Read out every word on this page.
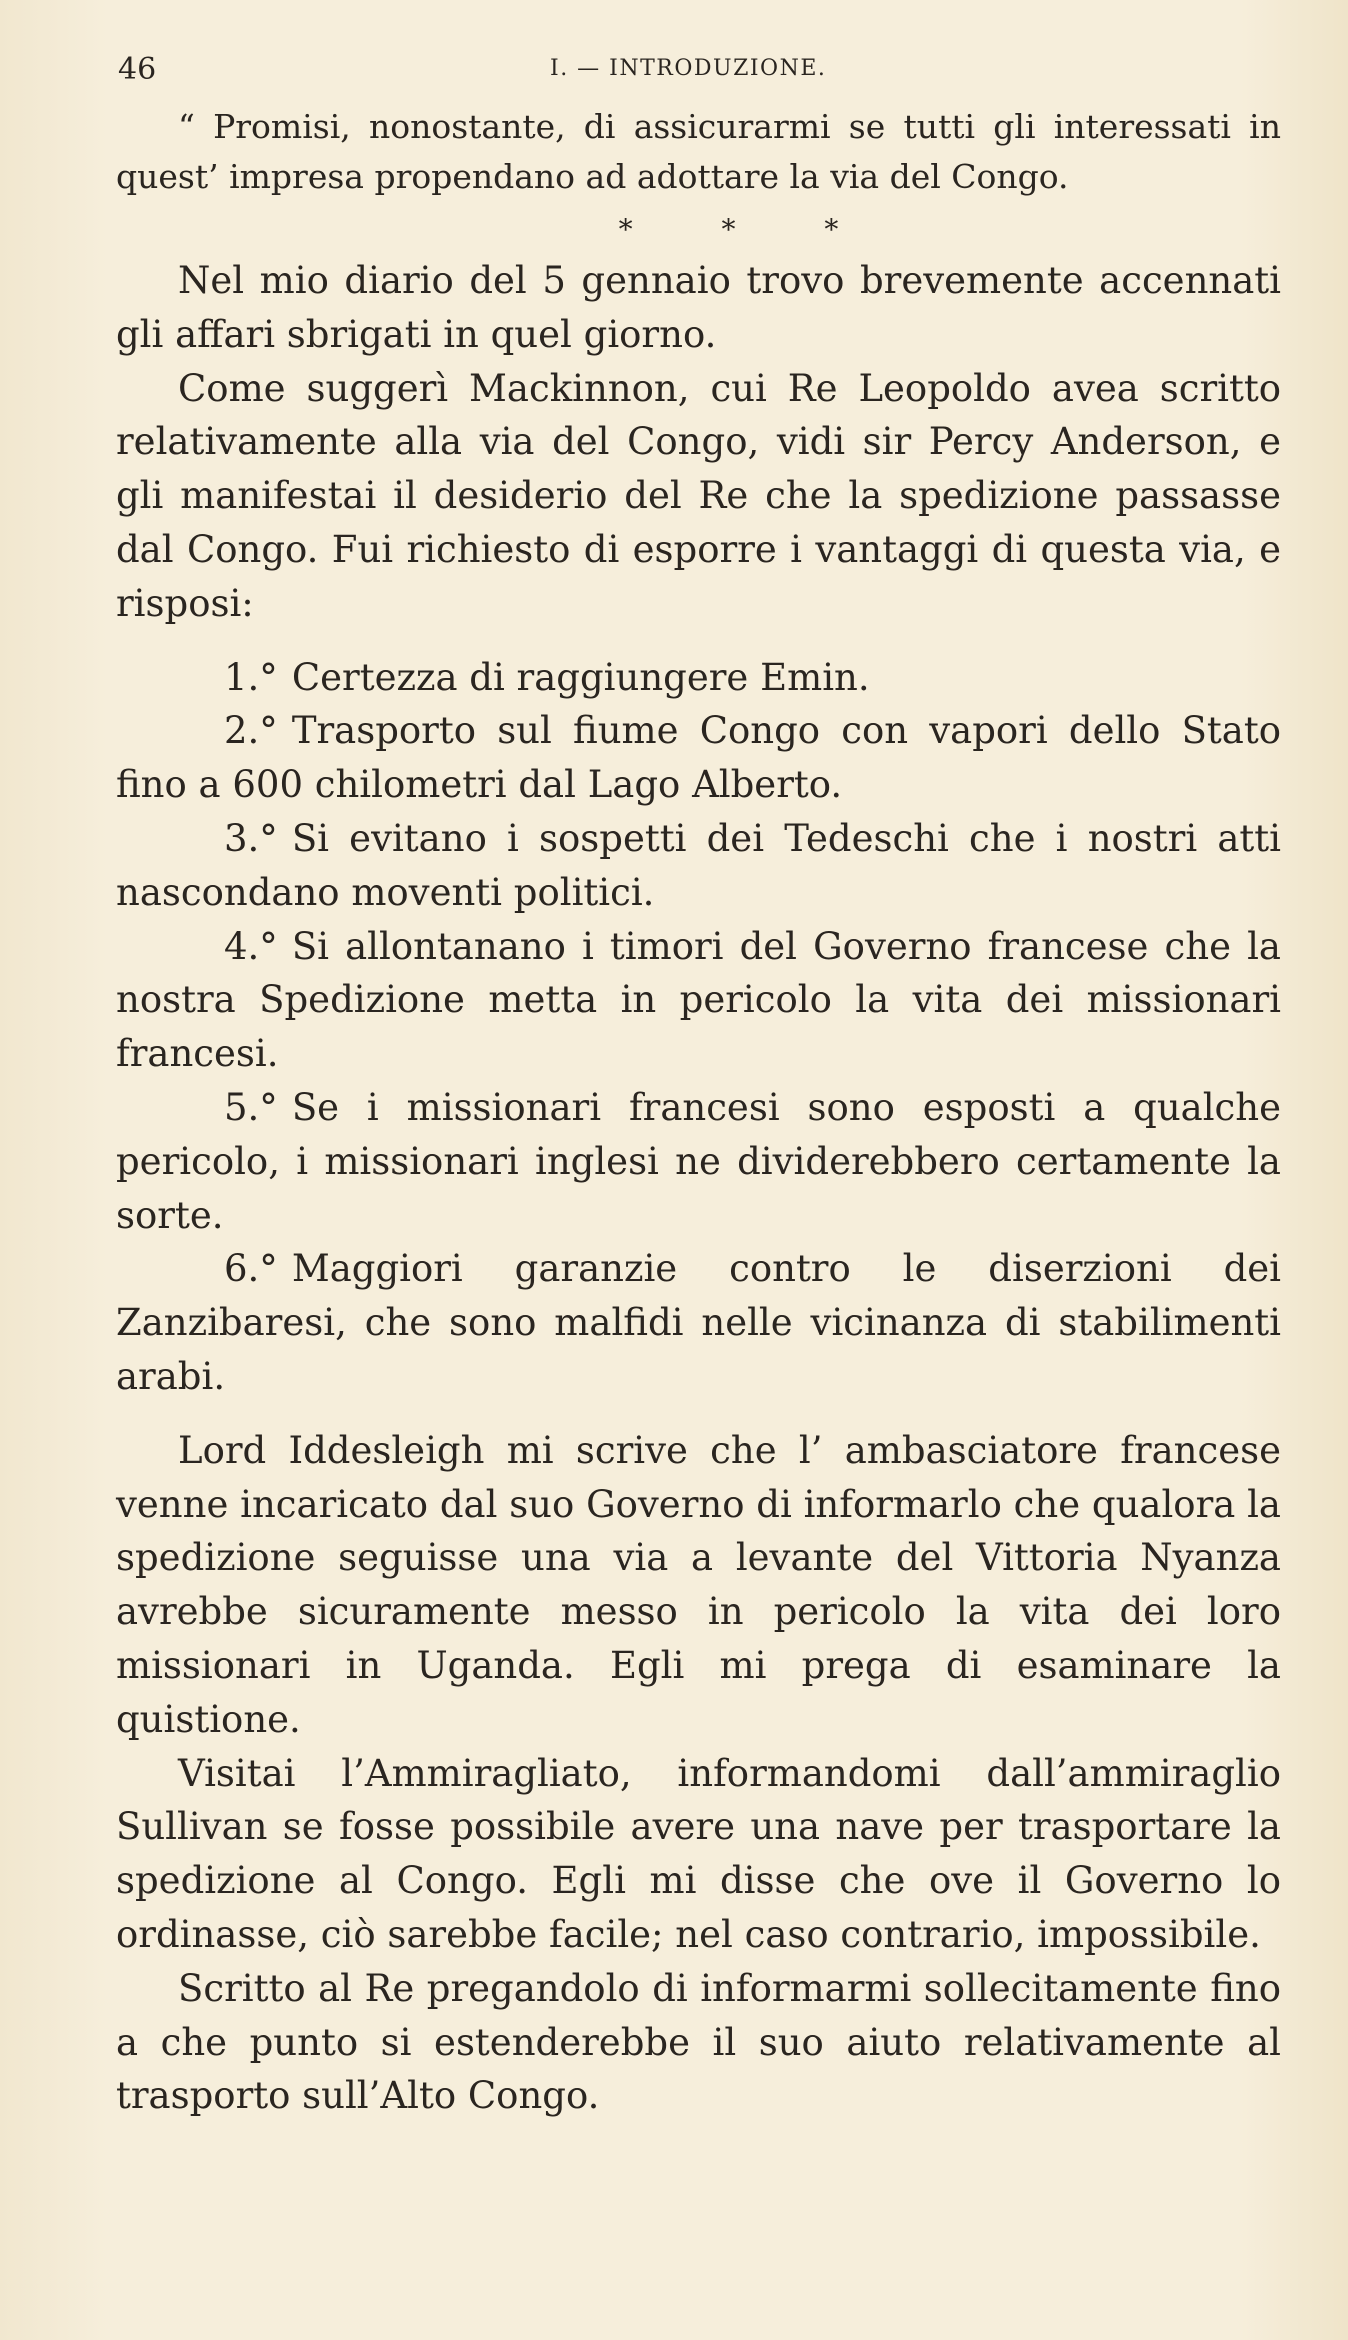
46	I. — INTRODUZIONE.

“ Promisi, nonostante, di assicurarmi se tutti gli interessati in quest’ impresa propendano ad adottare la via del Congo.

* * *

Nel mio diario del 5 gennaio trovo brevemente accennati gli affari sbrigati in quel giorno.

Come suggerì Mackinnon, cui Re Leopoldo avea scritto relativamente alla via del Congo, vidi sir Percy Anderson, e gli manifestai il desiderio del Re che la spedizione passasse dal Congo. Fui richiesto di esporre i vantaggi di questa via, e risposi:

1.° Certezza di raggiungere Emin.

2.° Trasporto sul fiume Congo con vapori dello Stato fino a 600 chilometri dal Lago Alberto.

3.° Si evitano i sospetti dei Tedeschi che i nostri atti nascondano moventi politici.

4.° Si allontanano i timori del Governo francese che la nostra Spedizione metta in pericolo la vita dei missionari francesi.

5.° Se i missionari francesi sono esposti a qualche pericolo, i missionari inglesi ne dividerebbero certamente la sorte.

6.° Maggiori garanzie contro le diserzioni dei Zanzibaresi, che sono malfidi nelle vicinanza di stabilimenti arabi.

Lord Iddesleigh mi scrive che l’ ambasciatore francese venne incaricato dal suo Governo di informarlo che qualora la spedizione seguisse una via a levante del Vittoria Nyanza avrebbe sicuramente messo in pericolo la vita dei loro missionari in Uganda. Egli mi prega di esaminare la quistione.

Visitai l’Ammiragliato, informandomi dall’ammiraglio Sullivan se fosse possibile avere una nave per trasportare la spedizione al Congo. Egli mi disse che ove il Governo lo ordinasse, ciò sarebbe facile; nel caso contrario, impossibile.

Scritto al Re pregandolo di informarmi sollecitamente fino a che punto si estenderebbe il suo aiuto relativamente al trasporto sull’Alto Congo.
